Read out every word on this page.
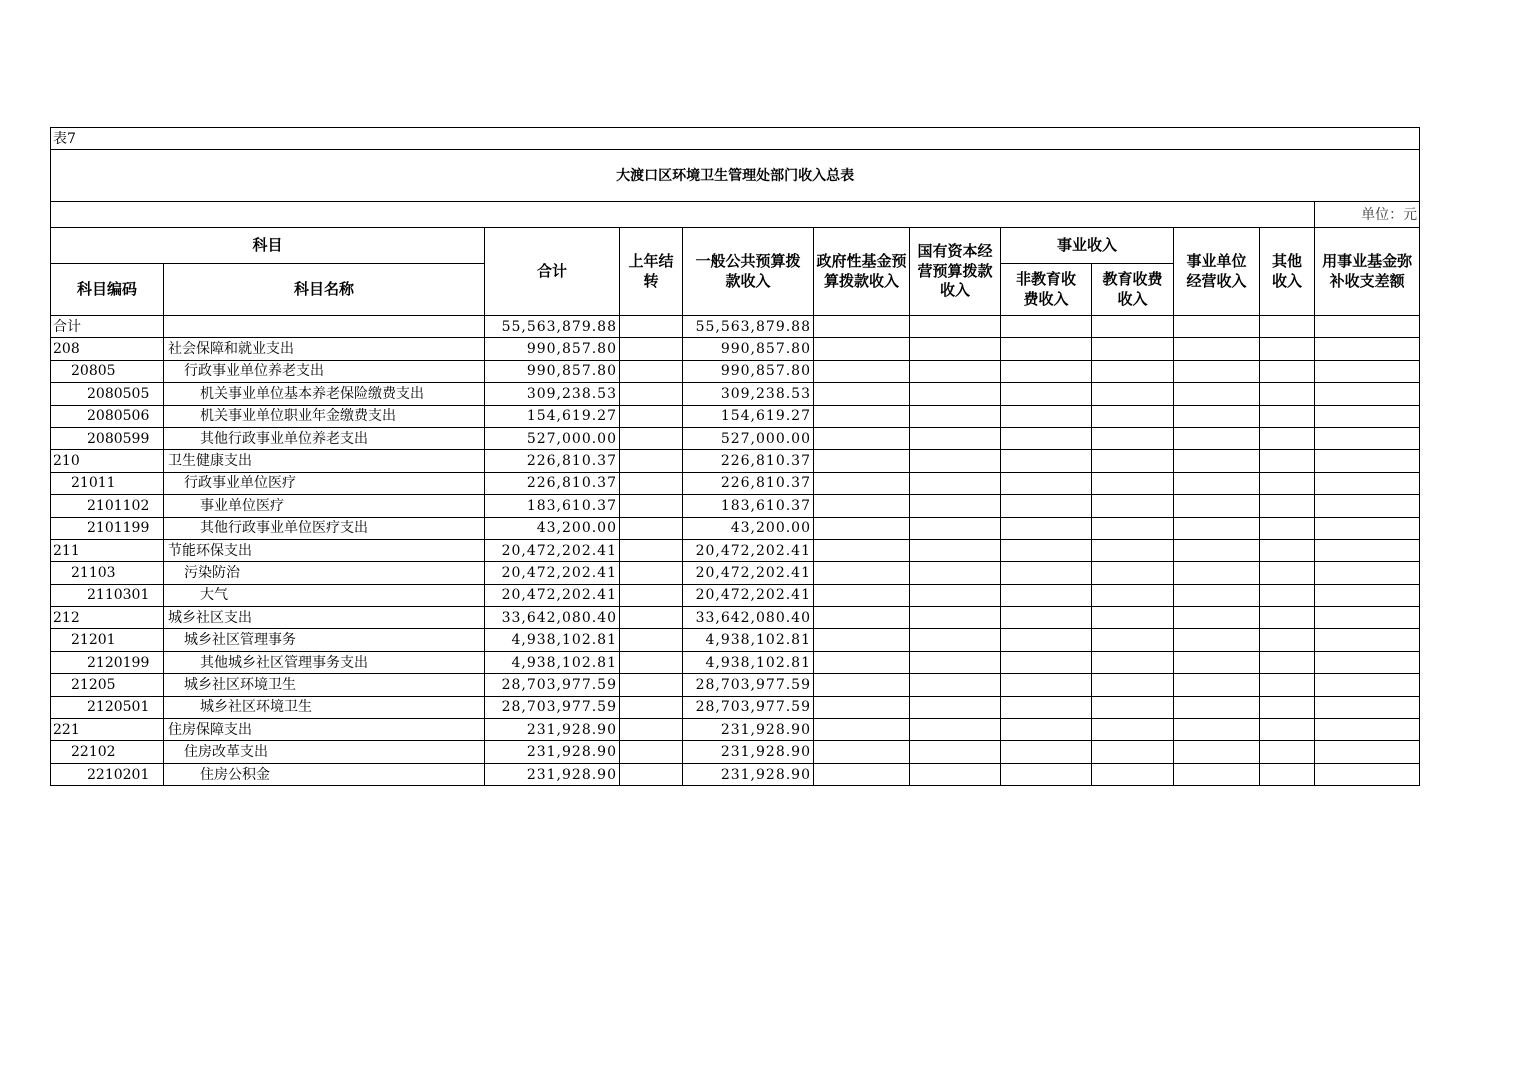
表7											
大渡口区环境卫生管理处部门收入总表											
											单位：元
科目		合计	上年结转	一般公共预算拨款收入	政府性基金预算拨款收入	国有资本经营预算拨款收入	事业收入		事业单位经营收入	其他收入	用事业基金弥补收支差额
科目编码	科目名称						非教育收费收入	教育收费收入			
合计		55,563,879.88		55,563,879.88							
208	社会保障和就业支出	990,857.80		990,857.80							
20805	行政事业单位养老支出	990,857.80		990,857.80							
2080505	机关事业单位基本养老保险缴费支出	309,238.53		309,238.53							
2080506	机关事业单位职业年金缴费支出	154,619.27		154,619.27							
2080599	其他行政事业单位养老支出	527,000.00		527,000.00							
210	卫生健康支出	226,810.37		226,810.37							
21011	行政事业单位医疗	226,810.37		226,810.37							
2101102	事业单位医疗	183,610.37		183,610.37							
2101199	其他行政事业单位医疗支出	43,200.00		43,200.00							
211	节能环保支出	20,472,202.41		20,472,202.41							
21103	污染防治	20,472,202.41		20,472,202.41							
2110301	大气	20,472,202.41		20,472,202.41							
212	城乡社区支出	33,642,080.40		33,642,080.40							
21201	城乡社区管理事务	4,938,102.81		4,938,102.81							
2120199	其他城乡社区管理事务支出	4,938,102.81		4,938,102.81							
21205	城乡社区环境卫生	28,703,977.59		28,703,977.59							
2120501	城乡社区环境卫生	28,703,977.59		28,703,977.59							
221	住房保障支出	231,928.90		231,928.90							
22102	住房改革支出	231,928.90		231,928.90							
2210201	住房公积金	231,928.90		231,928.90							
